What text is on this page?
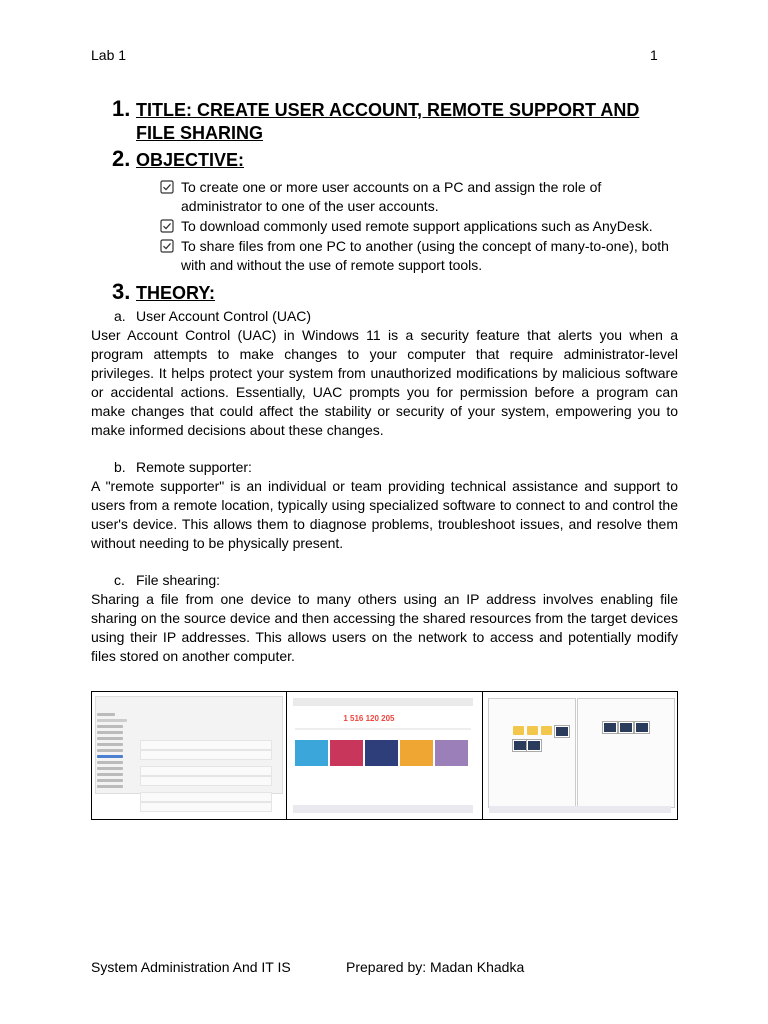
Lab 1	1
1. TITLE: CREATE USER ACCOUNT, REMOTE SUPPORT AND
FILE SHARING
2. OBJECTIVE:
To create one or more user accounts on a PC and assign the role of
administrator to one of the user accounts.
To download commonly used remote support applications such as AnyDesk.
To share files from one PC to another (using the concept of many-to-one), both
with and without the use of remote support tools.
3. THEORY:
a. User Account Control (UAC)
User Account Control (UAC) in Windows 11 is a security feature that alerts you when a program attempts to make changes to your computer that require administrator-level privileges. It helps protect your system from unauthorized modifications by malicious software or accidental actions. Essentially, UAC prompts you for permission before a program can make changes that could affect the stability or security of your system, empowering you to make informed decisions about these changes.
b. Remote supporter:
A "remote supporter" is an individual or team providing technical assistance and support to users from a remote location, typically using specialized software to connect to and control the user's device. This allows them to diagnose problems, troubleshoot issues, and resolve them without needing to be physically present.
c. File shearing:
Sharing a file from one device to many others using an IP address involves enabling file sharing on the source device and then accessing the shared resources from the target devices using their IP addresses. This allows users on the network to access and potentially modify files stored on another computer.
1 516 120 205
System Administration And IT IS	Prepared by: Madan Khadka
